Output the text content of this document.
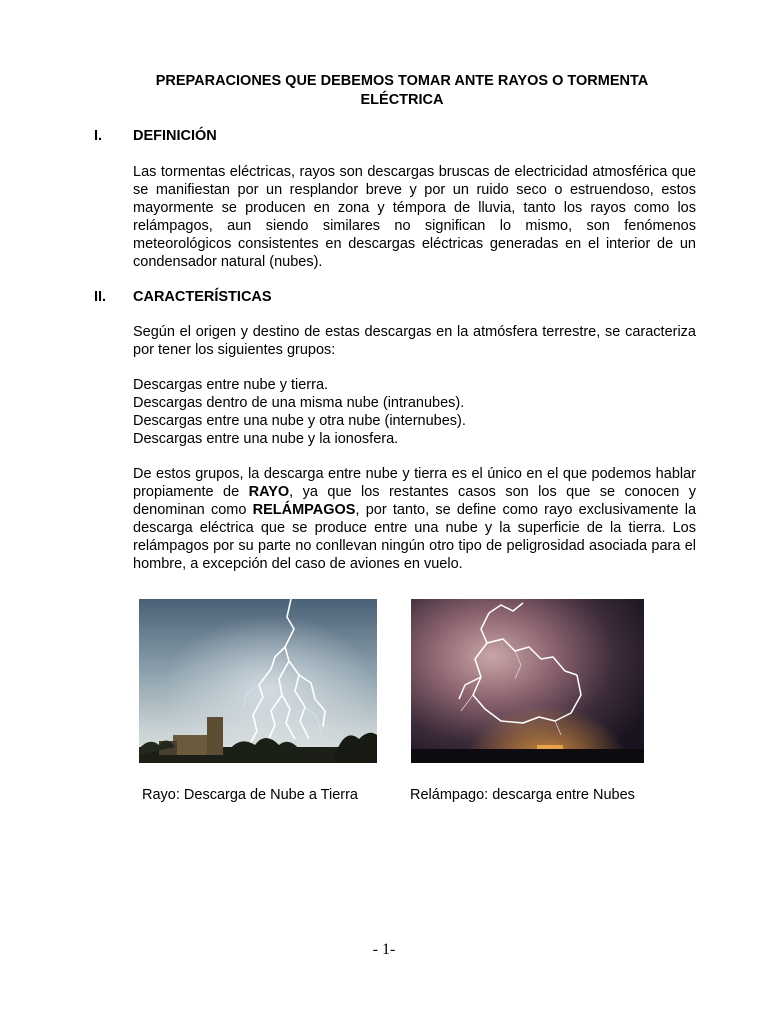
PREPARACIONES QUE DEBEMOS TOMAR ANTE RAYOS O TORMENTA ELÉCTRICA
I. DEFINICIÓN

Las tormentas eléctricas, rayos son descargas bruscas de electricidad atmosférica que se manifiestan por un resplandor breve y por un ruido seco o estruendoso, estos mayormente se producen en zona y témpora de lluvia, tanto los rayos como los relámpagos, aun siendo similares no significan lo mismo, son fenómenos meteorológicos consistentes en descargas eléctricas generadas en el interior de un condensador natural (nubes).

II. CARACTERÍSTICAS

Según el origen y destino de estas descargas en la atmósfera terrestre, se caracteriza por tener los siguientes grupos:

Descargas entre nube y tierra.
Descargas dentro de una misma nube (intranubes).
Descargas entre una nube y otra nube (internubes).
Descargas entre una nube y la ionosfera.

De estos grupos, la descarga entre nube y tierra es el único en el que podemos hablar propiamente de RAYO, ya que los restantes casos son los que se conocen y denominan como RELÁMPAGOS, por tanto, se define como rayo exclusivamente la descarga eléctrica que se produce entre una nube y la superficie de la tierra. Los relámpagos por su parte no conllevan ningún otro tipo de peligrosidad asociada para el hombre, a excepción del caso de aviones en vuelo.

Rayo: Descarga de Nube a Tierra	Relámpago: descarga entre Nubes
- 1-
